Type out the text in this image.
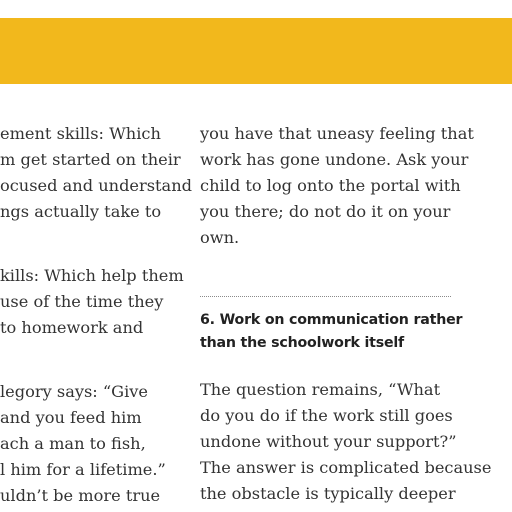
ement skills: Which
m get started on their
ocused and understand
ngs actually take to
kills: Which help them
use of the time they
to homework and
legory says: “Give
and you feed him
ach a man to fish,
l him for a lifetime.”
uldn’t be more true
you have that uneasy feeling that
work has gone undone. Ask your
child to log onto the portal with
you there; do not do it on your
own.
6. Work on communication rather
than the schoolwork itself
The question remains, “What
do you do if the work still goes
undone without your support?”
The answer is complicated because
the obstacle is typically deeper
